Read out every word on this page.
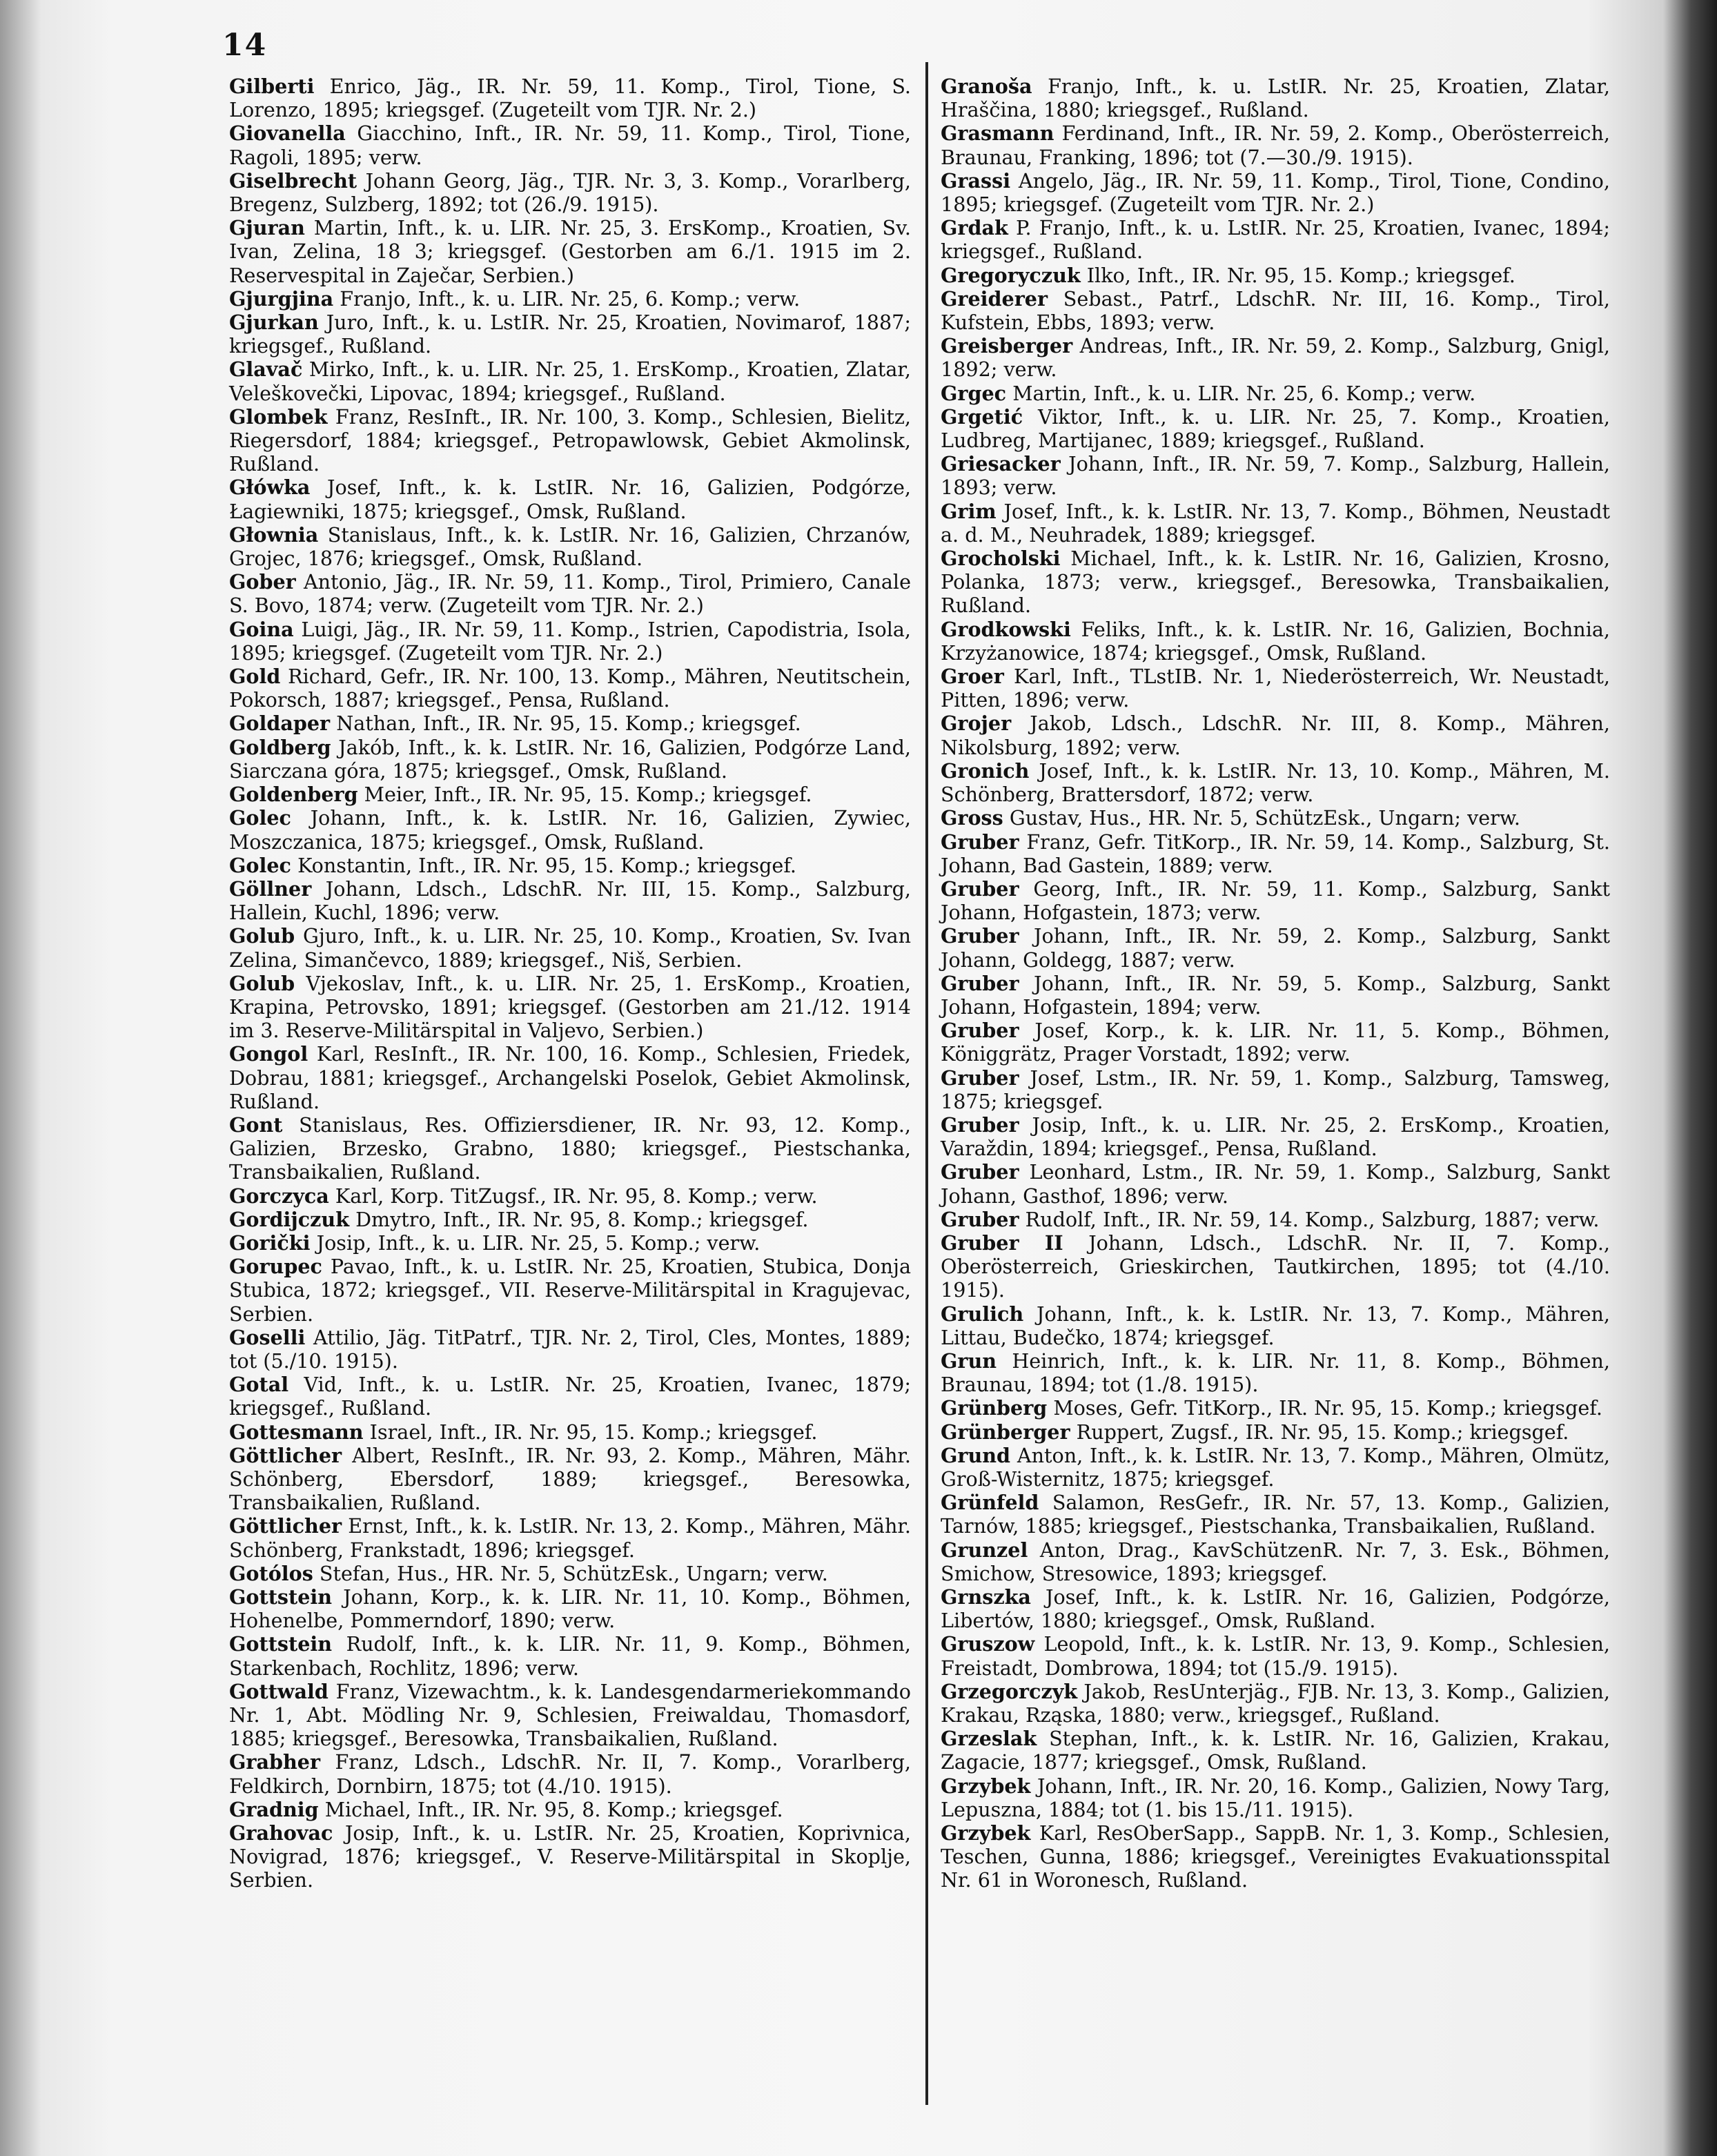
14
Gilberti Enrico, Jäg., IR. Nr. 59, 11. Komp., Tirol, Tione, S. Lorenzo, 1895; kriegsgef. (Zugeteilt vom TJR. Nr. 2.)
Giovanella Giacchino, Inft., IR. Nr. 59, 11. Komp., Tirol, Tione, Ragoli, 1895; verw.
Giselbrecht Johann Georg, Jäg., TJR. Nr. 3, 3. Komp., Vorarlberg, Bregenz, Sulzberg, 1892; tot (26./9. 1915).
Gjuran Martin, Inft., k. u. LIR. Nr. 25, 3. ErsKomp., Kroatien, Sv. Ivan, Zelina, 18 3; kriegsgef. (Gestorben am 6./1. 1915 im 2. Reservespital in Zaječar, Serbien.)
Gjurgjina Franjo, Inft., k. u. LIR. Nr. 25, 6. Komp.; verw.
Gjurkan Juro, Inft., k. u. LstIR. Nr. 25, Kroatien, Novimarof, 1887; kriegsgef., Rußland.
Glavač Mirko, Inft., k. u. LIR. Nr. 25, 1. ErsKomp., Kroatien, Zlatar, Veleškovečki, Lipovac, 1894; kriegsgef., Rußland.
Glombek Franz, ResInft., IR. Nr. 100, 3. Komp., Schlesien, Bielitz, Riegersdorf, 1884; kriegsgef., Petropawlowsk, Gebiet Akmolinsk, Rußland.
Główka Josef, Inft., k. k. LstIR. Nr. 16, Galizien, Podgórze, Łagiewniki, 1875; kriegsgef., Omsk, Rußland.
Głownia Stanislaus, Inft., k. k. LstIR. Nr. 16, Galizien, Chrzanów, Grojec, 1876; kriegsgef., Omsk, Rußland.
Gober Antonio, Jäg., IR. Nr. 59, 11. Komp., Tirol, Primiero, Canale S. Bovo, 1874; verw. (Zugeteilt vom TJR. Nr. 2.)
Goina Luigi, Jäg., IR. Nr. 59, 11. Komp., Istrien, Capodistria, Isola, 1895; kriegsgef. (Zugeteilt vom TJR. Nr. 2.)
Gold Richard, Gefr., IR. Nr. 100, 13. Komp., Mähren, Neutitschein, Pokorsch, 1887; kriegsgef., Pensa, Rußland.
Goldaper Nathan, Inft., IR. Nr. 95, 15. Komp.; kriegsgef.
Goldberg Jakób, Inft., k. k. LstIR. Nr. 16, Galizien, Podgórze Land, Siarczana góra, 1875; kriegsgef., Omsk, Rußland.
Goldenberg Meier, Inft., IR. Nr. 95, 15. Komp.; kriegsgef.
Golec Johann, Inft., k. k. LstIR. Nr. 16, Galizien, Zywiec, Moszczanica, 1875; kriegsgef., Omsk, Rußland.
Golec Konstantin, Inft., IR. Nr. 95, 15. Komp.; kriegsgef.
Göllner Johann, Ldsch., LdschR. Nr. III, 15. Komp., Salzburg, Hallein, Kuchl, 1896; verw.
Golub Gjuro, Inft., k. u. LIR. Nr. 25, 10. Komp., Kroatien, Sv. Ivan Zelina, Simančevco, 1889; kriegsgef., Niš, Serbien.
Golub Vjekoslav, Inft., k. u. LIR. Nr. 25, 1. ErsKomp., Kroatien, Krapina, Petrovsko, 1891; kriegsgef. (Gestorben am 21./12. 1914 im 3. Reserve-Militärspital in Valjevo, Serbien.)
Gongol Karl, ResInft., IR. Nr. 100, 16. Komp., Schlesien, Friedek, Dobrau, 1881; kriegsgef., Archangelski Poselok, Gebiet Akmolinsk, Rußland.
Gont Stanislaus, Res. Offiziersdiener, IR. Nr. 93, 12. Komp., Galizien, Brzesko, Grabno, 1880; kriegsgef., Piestschanka, Transbaikalien, Rußland.
Gorczyca Karl, Korp. TitZugsf., IR. Nr. 95, 8. Komp.; verw.
Gordijczuk Dmytro, Inft., IR. Nr. 95, 8. Komp.; kriegsgef.
Gorički Josip, Inft., k. u. LIR. Nr. 25, 5. Komp.; verw.
Gorupec Pavao, Inft., k. u. LstIR. Nr. 25, Kroatien, Stubica, Donja Stubica, 1872; kriegsgef., VII. Reserve-Militärspital in Kragujevac, Serbien.
Goselli Attilio, Jäg. TitPatrf., TJR. Nr. 2, Tirol, Cles, Montes, 1889; tot (5./10. 1915).
Gotal Vid, Inft., k. u. LstIR. Nr. 25, Kroatien, Ivanec, 1879; kriegsgef., Rußland.
Gottesmann Israel, Inft., IR. Nr. 95, 15. Komp.; kriegsgef.
Göttlicher Albert, ResInft., IR. Nr. 93, 2. Komp., Mähren, Mähr. Schönberg, Ebersdorf, 1889; kriegsgef., Beresowka, Transbaikalien, Rußland.
Göttlicher Ernst, Inft., k. k. LstIR. Nr. 13, 2. Komp., Mähren, Mähr. Schönberg, Frankstadt, 1896; kriegsgef.
Gotólos Stefan, Hus., HR. Nr. 5, SchützEsk., Ungarn; verw.
Gottstein Johann, Korp., k. k. LIR. Nr. 11, 10. Komp., Böhmen, Hohenelbe, Pommerndorf, 1890; verw.
Gottstein Rudolf, Inft., k. k. LIR. Nr. 11, 9. Komp., Böhmen, Starkenbach, Rochlitz, 1896; verw.
Gottwald Franz, Vizewachtm., k. k. Landesgendarmeriekommando Nr. 1, Abt. Mödling Nr. 9, Schlesien, Freiwaldau, Thomasdorf, 1885; kriegsgef., Beresowka, Transbaikalien, Rußland.
Grabher Franz, Ldsch., LdschR. Nr. II, 7. Komp., Vorarlberg, Feldkirch, Dornbirn, 1875; tot (4./10. 1915).
Gradnig Michael, Inft., IR. Nr. 95, 8. Komp.; kriegsgef.
Grahovac Josip, Inft., k. u. LstIR. Nr. 25, Kroatien, Koprivnica, Novigrad, 1876; kriegsgef., V. Reserve-Militärspital in Skoplje, Serbien.
Granoša Franjo, Inft., k. u. LstIR. Nr. 25, Kroatien, Zlatar, Hraščina, 1880; kriegsgef., Rußland.
Grasmann Ferdinand, Inft., IR. Nr. 59, 2. Komp., Oberösterreich, Braunau, Franking, 1896; tot (7.—30./9. 1915).
Grassi Angelo, Jäg., IR. Nr. 59, 11. Komp., Tirol, Tione, Condino, 1895; kriegsgef. (Zugeteilt vom TJR. Nr. 2.)
Grdak P. Franjo, Inft., k. u. LstIR. Nr. 25, Kroatien, Ivanec, 1894; kriegsgef., Rußland.
Gregoryczuk Ilko, Inft., IR. Nr. 95, 15. Komp.; kriegsgef.
Greiderer Sebast., Patrf., LdschR. Nr. III, 16. Komp., Tirol, Kufstein, Ebbs, 1893; verw.
Greisberger Andreas, Inft., IR. Nr. 59, 2. Komp., Salzburg, Gnigl, 1892; verw.
Grgec Martin, Inft., k. u. LIR. Nr. 25, 6. Komp.; verw.
Grgetić Viktor, Inft., k. u. LIR. Nr. 25, 7. Komp., Kroatien, Ludbreg, Martijanec, 1889; kriegsgef., Rußland.
Griesacker Johann, Inft., IR. Nr. 59, 7. Komp., Salzburg, Hallein, 1893; verw.
Grim Josef, Inft., k. k. LstIR. Nr. 13, 7. Komp., Böhmen, Neustadt a. d. M., Neuhradek, 1889; kriegsgef.
Grocholski Michael, Inft., k. k. LstIR. Nr. 16, Galizien, Krosno, Polanka, 1873; verw., kriegsgef., Beresowka, Transbaikalien, Rußland.
Grodkowski Feliks, Inft., k. k. LstIR. Nr. 16, Galizien, Bochnia, Krzyżanowice, 1874; kriegsgef., Omsk, Rußland.
Groer Karl, Inft., TLstIB. Nr. 1, Niederösterreich, Wr. Neustadt, Pitten, 1896; verw.
Grojer Jakob, Ldsch., LdschR. Nr. III, 8. Komp., Mähren, Nikolsburg, 1892; verw.
Gronich Josef, Inft., k. k. LstIR. Nr. 13, 10. Komp., Mähren, M. Schönberg, Brattersdorf, 1872; verw.
Gross Gustav, Hus., HR. Nr. 5, SchützEsk., Ungarn; verw.
Gruber Franz, Gefr. TitKorp., IR. Nr. 59, 14. Komp., Salzburg, St. Johann, Bad Gastein, 1889; verw.
Gruber Georg, Inft., IR. Nr. 59, 11. Komp., Salzburg, Sankt Johann, Hofgastein, 1873; verw.
Gruber Johann, Inft., IR. Nr. 59, 2. Komp., Salzburg, Sankt Johann, Goldegg, 1887; verw.
Gruber Johann, Inft., IR. Nr. 59, 5. Komp., Salzburg, Sankt Johann, Hofgastein, 1894; verw.
Gruber Josef, Korp., k. k. LIR. Nr. 11, 5. Komp., Böhmen, Königgrätz, Prager Vorstadt, 1892; verw.
Gruber Josef, Lstm., IR. Nr. 59, 1. Komp., Salzburg, Tamsweg, 1875; kriegsgef.
Gruber Josip, Inft., k. u. LIR. Nr. 25, 2. ErsKomp., Kroatien, Varaždin, 1894; kriegsgef., Pensa, Rußland.
Gruber Leonhard, Lstm., IR. Nr. 59, 1. Komp., Salzburg, Sankt Johann, Gasthof, 1896; verw.
Gruber Rudolf, Inft., IR. Nr. 59, 14. Komp., Salzburg, 1887; verw.
Gruber II Johann, Ldsch., LdschR. Nr. II, 7. Komp., Oberösterreich, Grieskirchen, Tautkirchen, 1895; tot (4./10. 1915).
Grulich Johann, Inft., k. k. LstIR. Nr. 13, 7. Komp., Mähren, Littau, Budečko, 1874; kriegsgef.
Grun Heinrich, Inft., k. k. LIR. Nr. 11, 8. Komp., Böhmen, Braunau, 1894; tot (1./8. 1915).
Grünberg Moses, Gefr. TitKorp., IR. Nr. 95, 15. Komp.; kriegsgef.
Grünberger Ruppert, Zugsf., IR. Nr. 95, 15. Komp.; kriegsgef.
Grund Anton, Inft., k. k. LstIR. Nr. 13, 7. Komp., Mähren, Olmütz, Groß-Wisternitz, 1875; kriegsgef.
Grünfeld Salamon, ResGefr., IR. Nr. 57, 13. Komp., Galizien, Tarnów, 1885; kriegsgef., Piestschanka, Transbaikalien, Rußland.
Grunzel Anton, Drag., KavSchützenR. Nr. 7, 3. Esk., Böhmen, Smichow, Stresowice, 1893; kriegsgef.
Grnszka Josef, Inft., k. k. LstIR. Nr. 16, Galizien, Podgórze, Libertów, 1880; kriegsgef., Omsk, Rußland.
Gruszow Leopold, Inft., k. k. LstIR. Nr. 13, 9. Komp., Schlesien, Freistadt, Dombrowa, 1894; tot (15./9. 1915).
Grzegorczyk Jakob, ResUnterjäg., FJB. Nr. 13, 3. Komp., Galizien, Krakau, Rząska, 1880; verw., kriegsgef., Rußland.
Grzeslak Stephan, Inft., k. k. LstIR. Nr. 16, Galizien, Krakau, Zagacie, 1877; kriegsgef., Omsk, Rußland.
Grzybek Johann, Inft., IR. Nr. 20, 16. Komp., Galizien, Nowy Targ, Lepuszna, 1884; tot (1. bis 15./11. 1915).
Grzybek Karl, ResOberSapp., SappB. Nr. 1, 3. Komp., Schlesien, Teschen, Gunna, 1886; kriegsgef., Vereinigtes Evakuationsspital Nr. 61 in Woronesch, Rußland.
